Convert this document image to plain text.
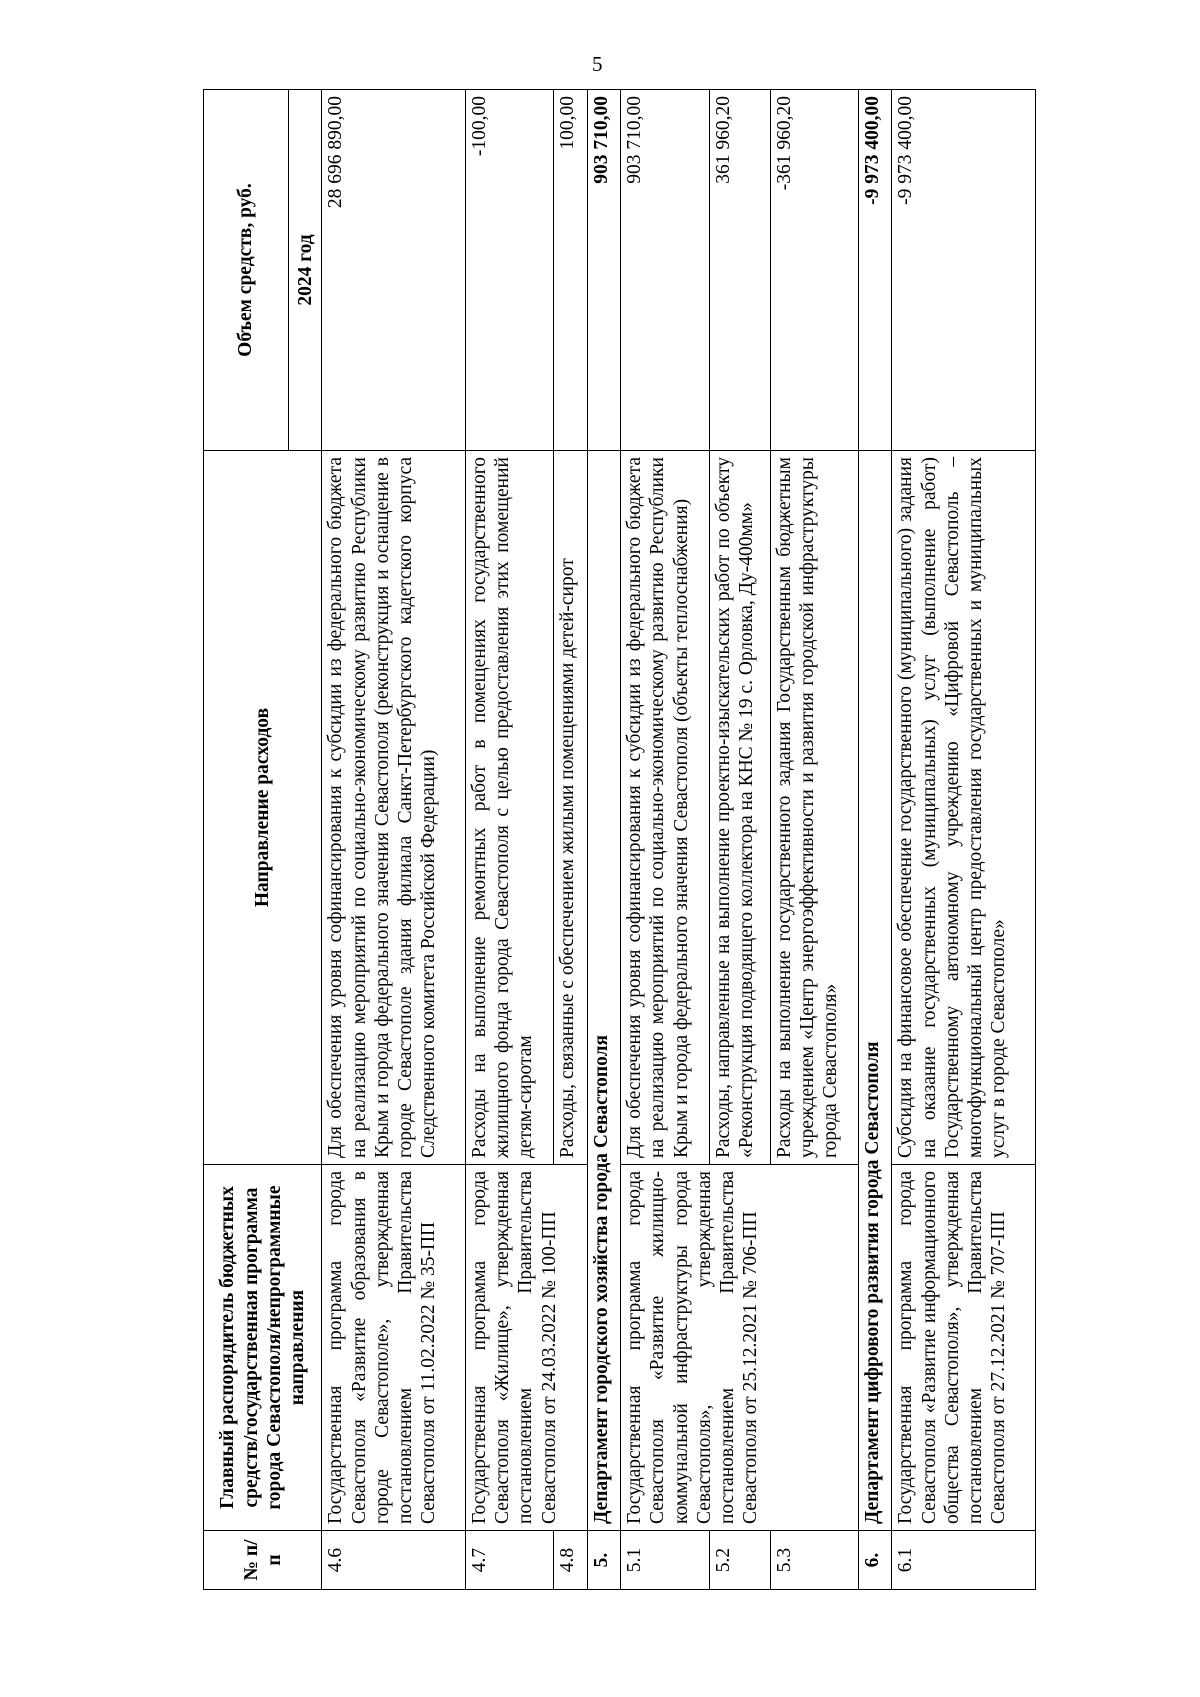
5
№ п/п	Главный распорядитель бюджетных средств/государственная программа города Севастополя/непрограммные направления	Направление расходов	Объем средств, руб.
			2024 год
4.6	Государственная программа города Севастополя «Развитие образования в городе Севастополе», утвержденная постановлением Правительства Севастополя от 11.02.2022 № 35-ПП	Для обеспечения уровня софинансирования к субсидии из федерального бюджета на реализацию мероприятий по социально-экономическому развитию Республики Крым и города федерального значения Севастополя (реконструкция и оснащение в городе Севастополе здания филиала Санкт-Петербургского кадетского корпуса Следственного комитета Российской Федерации)	28 696 890,00
4.7	Государственная программа города Севастополя «Жилище», утвержденная постановлением Правительства Севастополя от 24.03.2022 № 100-ПП	Расходы на выполнение ремонтных работ в помещениях государственного жилищного фонда города Севастополя с целью предоставления этих помещений детям-сиротам	-100,00
4.8		Расходы, связанные с обеспечением жилыми помещениями детей-сирот	100,00
5.	Департамент городского хозяйства города Севастополя		903 710,00
5.1	Государственная программа города Севастополя «Развитие жилищно-коммунальной инфраструктуры города Севастополя», утвержденная постановлением Правительства Севастополя от 25.12.2021 № 706-ПП	Для обеспечения уровня софинансирования к субсидии из федерального бюджета на реализацию мероприятий по социально-экономическому развитию Республики Крым и города федерального значения Севастополя (объекты теплоснабжения)	903 710,00
5.2		Расходы, направленные на выполнение проектно-изыскательских работ по объекту «Реконструкция подводящего коллектора на КНС № 19 с. Орловка, Ду-400мм»	361 960,20
5.3		Расходы на выполнение государственного задания Государственным бюджетным учреждением «Центр энергоэффективности и развития городской инфраструктуры города Севастополя»	-361 960,20
6.	Департамент цифрового развития города Севастополя		-9 973 400,00
6.1	Государственная программа города Севастополя «Развитие информационного общества Севастополя», утвержденная постановлением Правительства Севастополя от 27.12.2021 № 707-ПП	Субсидия на финансовое обеспечение государственного (муниципального) задания на оказание государственных (муниципальных) услуг (выполнение работ) Государственному автономному учреждению «Цифровой Севастополь – многофункциональный центр предоставления государственных и муниципальных услуг в городе Севастополе»	-9 973 400,00
